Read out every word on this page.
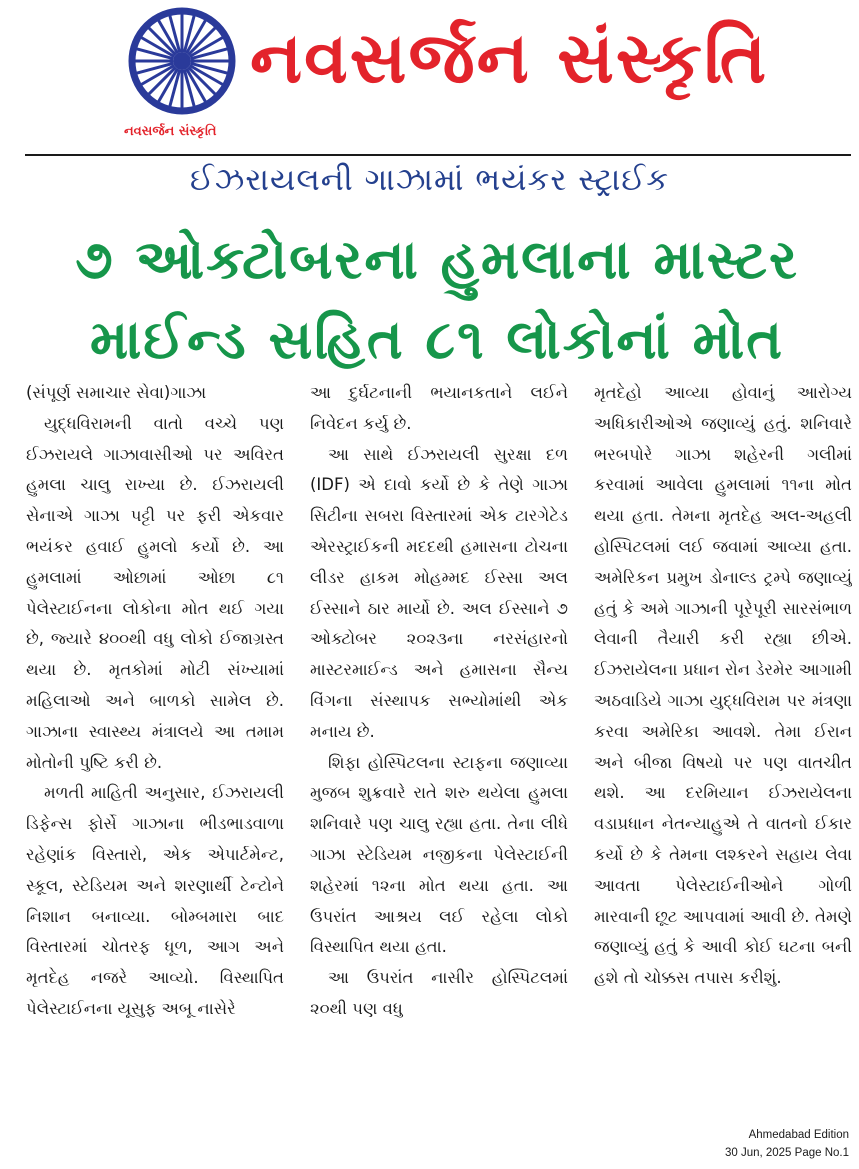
નવસર્જન સંસ્કૃતિ
નવસર્જન સંસ્કૃતિ
ઈઝરાયલની ગાઝામાં ભયંકર સ્ટ્રાઈક
૭ ઓક્ટોબરના હુમલાના માસ્ટર
માઈન્ડ સહિત ૮૧ લોકોનાં મોત

(સંપૂર્ણ સમાચાર સેવા)ગાઝા

યુદ્ધવિરામની વાતો વચ્ચે પણ ઈઝરાયલે ગાઝાવાસીઓ પર અવિરત હુમલા ચાલુ રાખ્યા છે. ઈઝરાયલી સેનાએ ગાઝા પટ્ટી પર ફરી એકવાર ભયંકર હવાઈ હુમલો કર્યો છે. આ હુમલામાં ઓછામાં ઓછા ૮૧ પેલેસ્ટાઈનના લોકોના મોત થઈ ગયા છે, જ્યારે ૪૦૦થી વધુ લોકો ઈજાગ્રસ્ત થયા છે. મૃતકોમાં મોટી સંખ્યામાં મહિલાઓ અને બાળકો સામેલ છે. ગાઝાના સ્વાસ્થ્ય મંત્રાલયે આ તમામ મોતોની પુષ્ટિ કરી છે.

મળતી માહિતી અનુસાર, ઈઝરાયલી ડિફેન્સ ફોર્સે ગાઝાના ભીડભાડવાળા રહેણાંક વિસ્તારો, એક એપાર્ટમેન્ટ, સ્કૂલ, સ્ટેડિયમ અને શરણાર્થી ટેન્ટોને નિશાન બનાવ્યા. બોમ્બમારા બાદ વિસ્તારમાં ચોતરફ ધૂળ, આગ અને મૃતદેહ નજરે આવ્યો. વિસ્થાપિત પેલેસ્ટાઈનના યૂસુફ અબૂ નાસેરે

આ દુર્ઘટનાની ભયાનકતાને લઈને નિવેદન કર્યુ છે.

આ સાથે ઈઝરાયલી સુરક્ષા દળ (IDF) એ દાવો કર્યો છે કે તેણે ગાઝા સિટીના સબરા વિસ્તારમાં એક ટારગેટેડ એરસ્ટ્રાઈકની મદદથી હમાસના ટોચના લીડર હાકમ મોહમ્મદ ઈસ્સા અલ ઈસ્સાને ઠાર માર્યો છે. અલ ઈસ્સાને ૭ ઓક્ટોબર ૨૦૨૩ના નરસંહારનો માસ્ટરમાઈન્ડ અને હમાસના સૈન્ય વિંગના સંસ્થાપક સભ્યોમાંથી એક મનાય છે.

શિફા હોસ્પિટલના સ્ટાફના જણાવ્યા મુજબ શુક્રવારે રાતે શરુ થયેલા હુમલા શનિવારે પણ ચાલુ રહ્યા હતા. તેના લીધે ગાઝા સ્ટેડિયમ નજીકના પેલેસ્ટાઈની શહેરમાં ૧૨ના મોત થયા હતા. આ ઉપરાંત આશ્રય લઈ રહેલા લોકો વિસ્થાપિત થયા હતા.

આ ઉપરાંત નાસીર હોસ્પિટલમાં ૨૦થી પણ વધુ

મૃતદેહો આવ્યા હોવાનું આરોગ્ય અધિકારીઓએ જણાવ્યું હતું. શનિવારે ભરબપોરે ગાઝા શહેરની ગલીમાં કરવામાં આવેલા હુમલામાં ૧૧ના મોત થયા હતા. તેમના મૃતદેહ અલ-અહલી હોસ્પિટલમાં લઈ જવામાં આવ્યા હતા. અમેરિકન પ્રમુખ ડોનાલ્ડ ટ્રમ્પે જણાવ્યું હતું કે અમે ગાઝાની પૂરેપૂરી સારસંભાળ લેવાની તૈયારી કરી રહ્યા છીએ. ઈઝરાયેલના પ્રધાન રોન ડેરમેર આગામી અઠવાડિયે ગાઝા યુદ્ધવિરામ પર મંત્રણા કરવા અમેરિકા આવશે. તેમા ઈરાન અને બીજા વિષયો પર પણ વાતચીત થશે. આ દરમિયાન ઈઝરાયેલના વડાપ્રધાન નેતન્યાહુએ તે વાતનો ઈકાર કર્યો છે કે તેમના લશ્કરને સહાય લેવા આવતા પેલેસ્ટાઈનીઓને ગોળી મારવાની છૂટ આપવામાં આવી છે. તેમણે જણાવ્યું હતું કે આવી કોઈ ઘટના બની હશે તો ચોક્કસ તપાસ કરીશું.

Ahmedabad Edition
30 Jun, 2025 Page No.1
